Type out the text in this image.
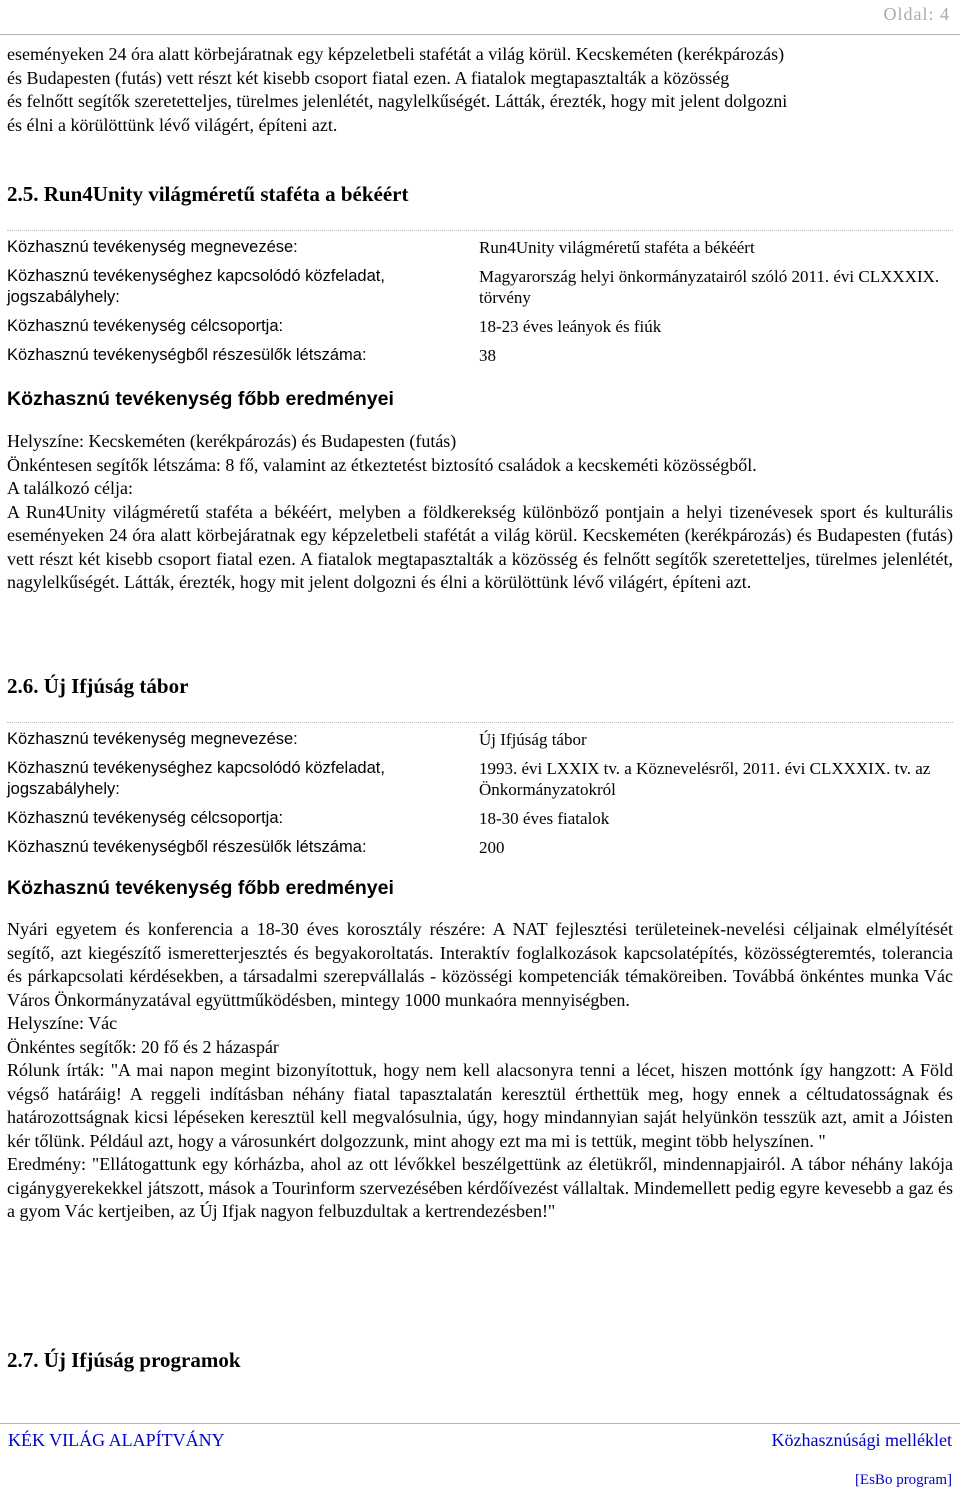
Oldal: 4

eseményeken 24 óra alatt körbejáratnak egy képzeletbeli stafétát a világ körül. Kecskeméten (kerékpározás)

és Budapesten (futás) vett részt két kisebb csoport fiatal ezen. A fiatalok megtapasztalták a közösség

és felnőtt segítők szeretetteljes, türelmes jelenlétét, nagylelkűségét. Látták, érezték, hogy mit jelent dolgozni

és élni a körülöttünk lévő világért, építeni azt.

2.5. Run4Unity világméretű staféta a békéért
Közhasznú tevékenység megnevezése:	Run4Unity világméretű staféta a békéért
Közhasznú tevékenységhez kapcsolódó közfeladat, jogszabályhely:
Magyarország helyi önkormányzatairól szóló 2011. évi CLXXXIX. törvény
Közhasznú tevékenység célcsoportja:	18-23 éves leányok és fiúk
Közhasznú tevékenységből részesülők létszáma:	38
Közhasznú tevékenység főbb eredményei

Helyszíne: Kecskeméten (kerékpározás) és Budapesten (futás)

Önkéntesen segítők létszáma: 8 fő, valamint az étkeztetést biztosító családok a kecskeméti közösségből.

A találkozó célja:

A Run4Unity világméretű staféta a békéért, melyben a földkerekség különböző pontjain a helyi tizenévesek sport és kulturális eseményeken 24 óra alatt körbejáratnak egy képzeletbeli stafétát a világ körül. Kecskeméten (kerékpározás) és Budapesten (futás) vett részt két kisebb csoport fiatal ezen. A fiatalok megtapasztalták a közösség és felnőtt segítők szeretetteljes, türelmes jelenlétét, nagylelkűségét. Látták, érezték, hogy mit jelent dolgozni és élni a körülöttünk lévő világért, építeni azt.

2.6. Új Ifjúság tábor
Közhasznú tevékenység megnevezése:	Új Ifjúság tábor
Közhasznú tevékenységhez kapcsolódó közfeladat, jogszabályhely:
1993. évi LXXIX tv. a Köznevelésről, 2011. évi CLXXXIX. tv. az Önkormányzatokról
Közhasznú tevékenység célcsoportja:	18-30 éves fiatalok
Közhasznú tevékenységből részesülők létszáma:	200
Közhasznú tevékenység főbb eredményei

Nyári egyetem és konferencia a 18-30 éves korosztály részére: A NAT fejlesztési területeinek-nevelési céljainak elmélyítését segítő, azt kiegészítő ismeretterjesztés és begyakoroltatás. Interaktív foglalkozások kapcsolatépítés, közösségteremtés, tolerancia és párkapcsolati kérdésekben, a társadalmi szerepvállalás - közösségi kompetenciák témaköreiben. Továbbá önkéntes munka Vác Város Önkormányzatával együttműködésben, mintegy 1000 munkaóra mennyiségben.

Helyszíne: Vác

Önkéntes segítők: 20 fő és 2 házaspár

Rólunk írták: "A mai napon megint bizonyítottuk, hogy nem kell alacsonyra tenni a lécet, hiszen mottónk így hangzott: A Föld végső határáig! A reggeli indításban néhány fiatal tapasztalatán keresztül érthettük meg, hogy ennek a céltudatosságnak és határozottságnak kicsi lépéseken keresztül kell megvalósulnia, úgy, hogy mindannyian saját helyünkön tesszük azt, amit a Jóisten kér tőlünk. Például azt, hogy a városunkért dolgozzunk, mint ahogy ezt ma mi is tettük, megint több helyszínen. "

Eredmény: "Ellátogattunk egy kórházba, ahol az ott lévőkkel beszélgettünk az életükről, mindennapjairól. A tábor néhány lakója cigánygyerekekkel játszott, mások a Tourinform szervezésében kérdőívezést vállaltak. Mindemellett pedig egyre kevesebb a gaz és a gyom Vác kertjeiben, az Új Ifjak nagyon felbuzdultak a kertrendezésben!"

2.7. Új Ifjúság programok
KÉK VILÁG ALAPÍTVÁNY	Közhasznúsági melléklet
[EsBo program]
